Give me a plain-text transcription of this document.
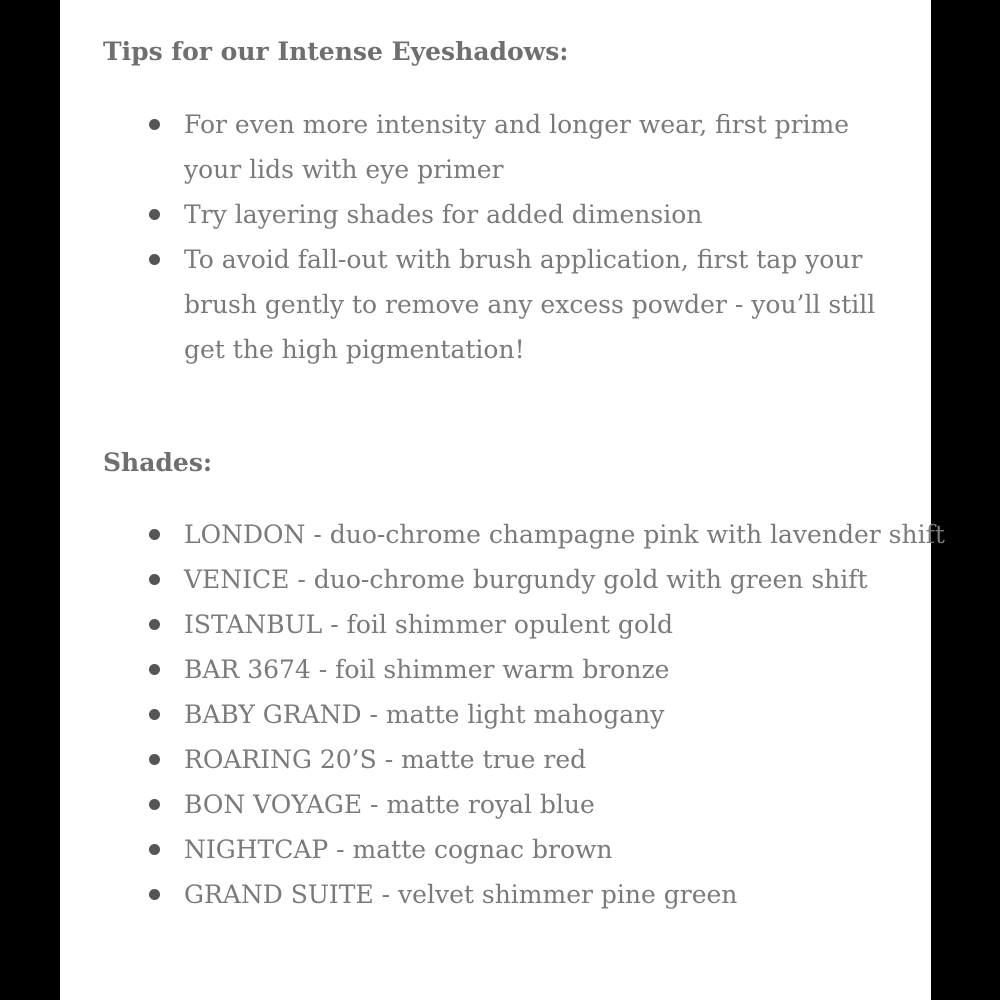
Tips for our Intense Eyeshadows:
For even more intensity and longer wear, first prime your lids with eye primer
Try layering shades for added dimension
To avoid fall-out with brush application, first tap your brush gently to remove any excess powder - you’ll still get the high pigmentation!
Shades:
LONDON - duo-chrome champagne pink with lavender shift
VENICE - duo-chrome burgundy gold with green shift
ISTANBUL - foil shimmer opulent gold
BAR 3674 - foil shimmer warm bronze
BABY GRAND - matte light mahogany
ROARING 20’S - matte true red
BON VOYAGE - matte royal blue
NIGHTCAP - matte cognac brown
GRAND SUITE - velvet shimmer pine green
